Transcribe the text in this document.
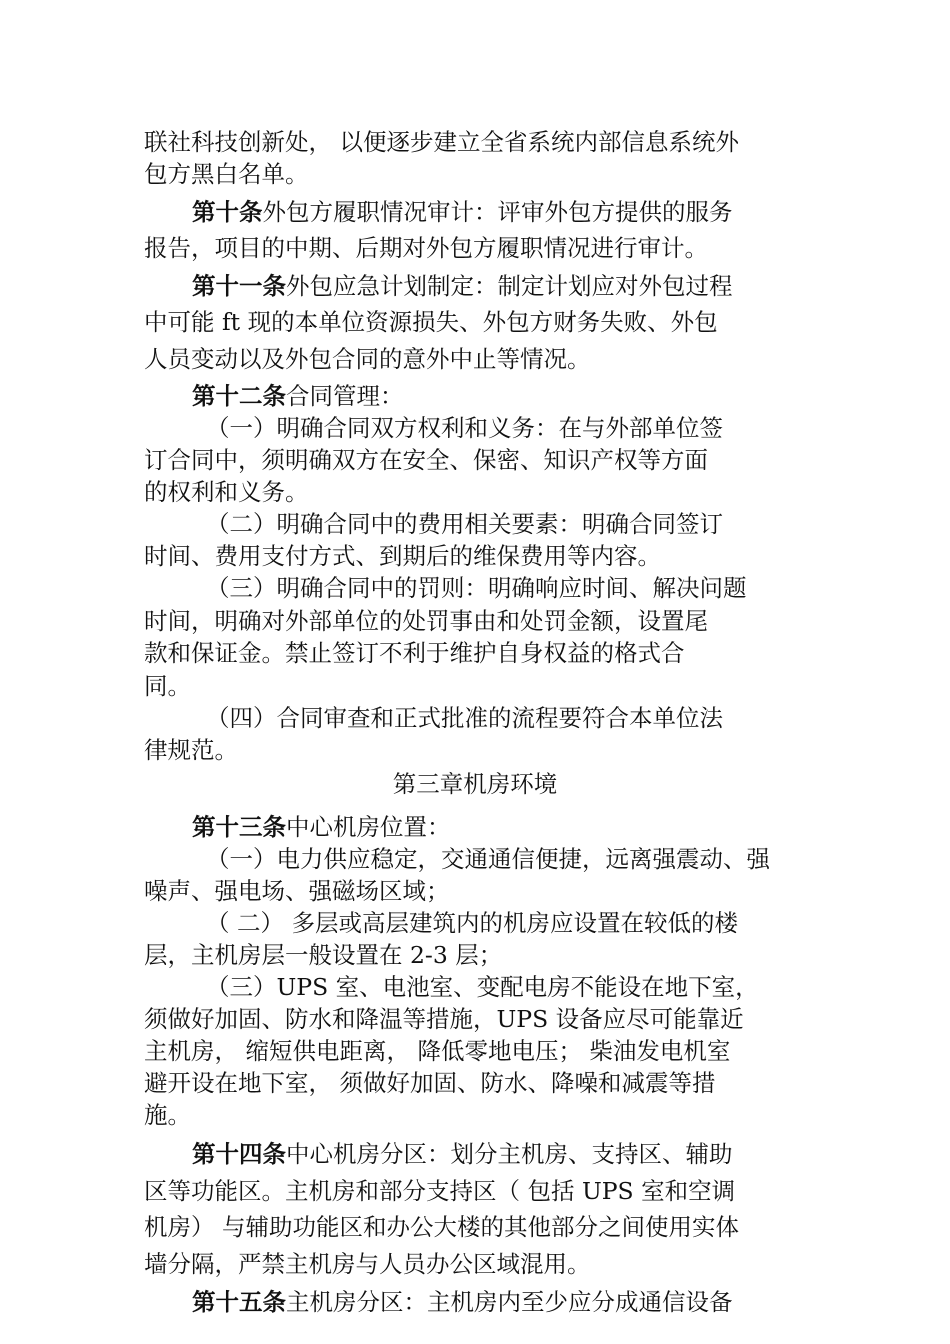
联社科技创新处， 以便逐步建立全省系统内部信息系统外
包方黑白名单。
第十条外包方履职情况审计：评审外包方提供的服务
报告，项目的中期、后期对外包方履职情况进行审计。
第十一条外包应急计划制定：制定计划应对外包过程
中可能 ft 现的本单位资源损失、外包方财务失败、外包
人员变动以及外包合同的意外中止等情况。
第十二条合同管理：
（一）明确合同双方权利和义务：在与外部单位签
订合同中，须明确双方在安全、保密、知识产权等方面
的权利和义务。
（二）明确合同中的费用相关要素：明确合同签订
时间、费用支付方式、到期后的维保费用等内容。
（三）明确合同中的罚则：明确响应时间、解决问题
时间，明确对外部单位的处罚事由和处罚金额，设置尾
款和保证金。禁止签订不利于维护自身权益的格式合
同。
（四）合同审查和正式批准的流程要符合本单位法
律规范。
第三章机房环境
第十三条中心机房位置：
（一）电力供应稳定，交通通信便捷，远离强震动、强
噪声、强电场、强磁场区域；
（ 二） 多层或高层建筑内的机房应设置在较低的楼
层，主机房层一般设置在 2-3 层；
（三）UPS 室、电池室、变配电房不能设在地下室，
须做好加固、防水和降温等措施，UPS 设备应尽可能靠近
主机房， 缩短供电距离， 降低零地电压； 柴油发电机室
避开设在地下室， 须做好加固、防水、降噪和减震等措
施。
第十四条中心机房分区：划分主机房、支持区、辅助
区等功能区。主机房和部分支持区（ 包括 UPS 室和空调
机房） 与辅助功能区和办公大楼的其他部分之间使用实体
墙分隔，严禁主机房与人员办公区域混用。
第十五条主机房分区：主机房内至少应分成通信设备
